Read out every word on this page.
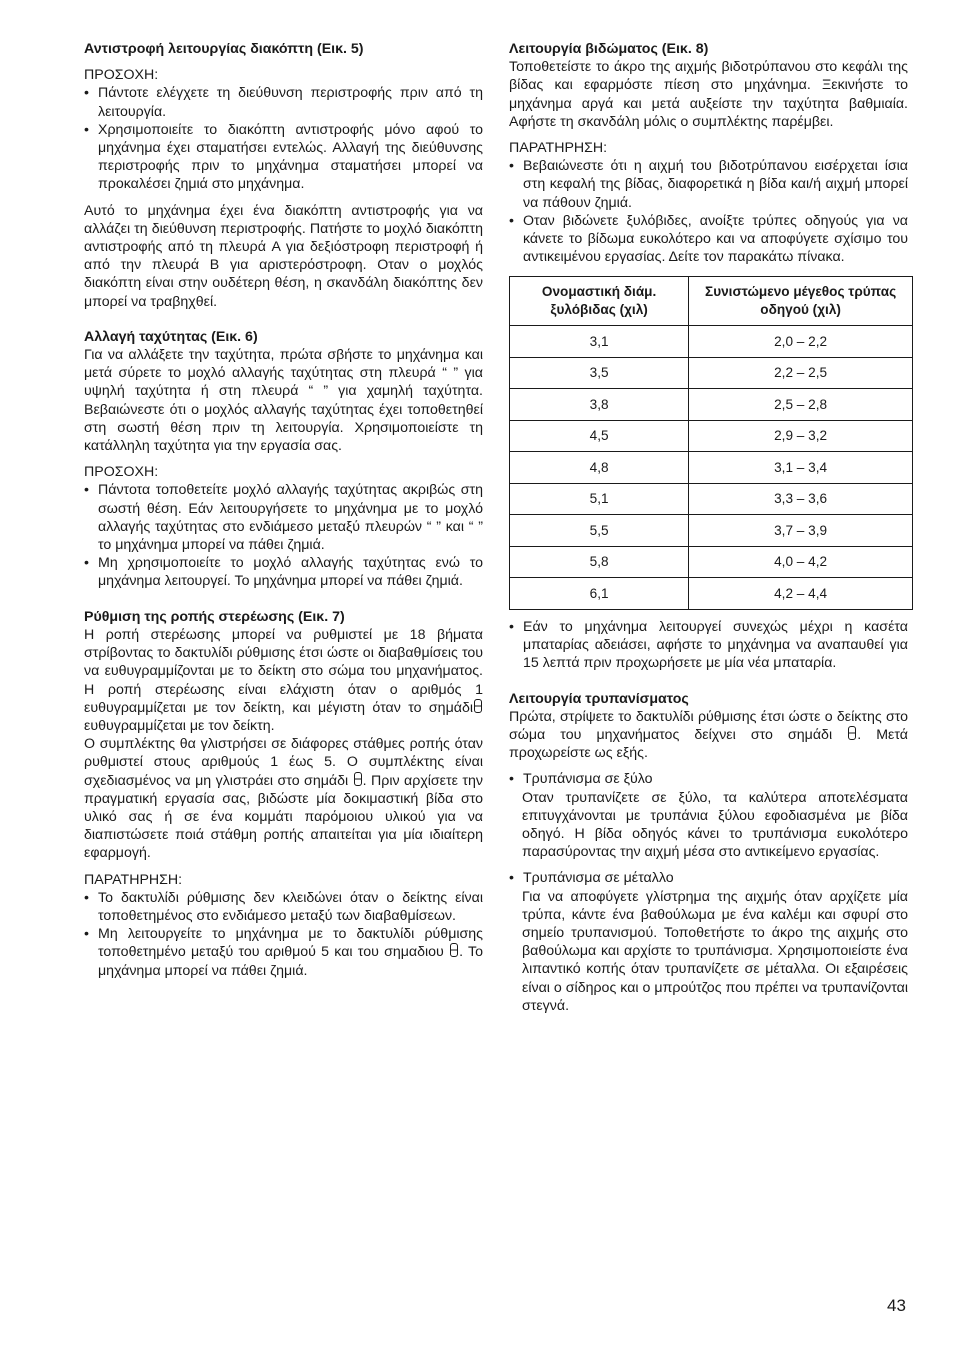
Αντιστροφή λειτουργίας διακόπτη (Εικ. 5)
ΠΡΟΣΟΧΗ:
• Πάντοτε ελέγχετε τη διεύθυνση περιστροφής πριν από τη λειτουργία.
• Χρησιμοποιείτε το διακόπτη αντιστροφής μόνο αφού το μηχάνημα έχει σταματήσει εντελώς. Αλλαγή της διεύθυνσης περιστροφής πριν το μηχάνημα σταματήσει μπορεί να προκαλέσει ζημιά στο μηχάνημα.

Αυτό το μηχάνημα έχει ένα διακόπτη αντιστροφής για να αλλάζει τη διεύθυνση περιστροφής. Πατήστε το μοχλό διακόπτη αντιστροφής από τη πλευρά A για δεξιόστροφη περιστροφή ή από την πλευρά B για αριστερόστροφη. Οταν ο μοχλός διακόπτη είναι στην ουδέτερη θέση, η σκανδάλη διακόπτης δεν μπορεί να τραβηχθεί.

Αλλαγή ταχύτητας (Εικ. 6)

Για να αλλάξετε την ταχύτητα, πρώτα σβήστε το μηχάνημα και μετά σύρετε το μοχλό αλλαγής ταχύτητας στη πλευρά “ ” για υψηλή ταχύτητα ή στη πλευρά “ ” για χαμηλή ταχύτητα. Βεβαιώνεστε ότι ο μοχλός αλλαγής ταχύτητας έχει τοποθετηθεί στη σωστή θέση πριν τη λειτουργία. Χρησιμοποιείστε τη κατάλληλη ταχύτητα για την εργασία σας.

ΠΡΟΣΟΧΗ:
• Πάντοτα τοποθετείτε μοχλό αλλαγής ταχύτητας ακριβώς στη σωστή θέση. Εάν λειτουργήσετε το μηχάνημα με το μοχλό αλλαγής ταχύτητας στο ενδιάμεσο μεταξύ πλευρών “ ” και “ ” το μηχάνημα μπορεί να πάθει ζημιά.
• Μη χρησιμοποιείτε το μοχλό αλλαγής ταχύτητας ενώ το μηχάνημα λειτουργεί. Το μηχάνημα μπορεί να πάθει ζημιά.
Ρύθμιση της ροπής στερέωσης (Εικ. 7)

Η ροπή στερέωσης μπορεί να ρυθμιστεί με 18 βήματα στρίβοντας το δακτυλίδι ρύθμισης έτσι ώστε οι διαβαθμίσεις του να ευθυγραμμίζονται με το δείκτη στο σώμα του μηχανήματος. Η ροπή στερέωσης είναι ελάχιστη όταν ο αριθμός 1 ευθυγραμμίζεται με τον δείκτη, και μέγιστη όταν το σημάδιευθυγραμμίζεται με τον δείκτη.

Ο συμπλέκτης θα γλιστρήσει σε διάφορες στάθμες ροπής όταν ρυθμιστεί στους αριθμούς 1 έως 5. Ο συμπλέκτης είναι σχεδιασμένος να μη γλιστράει στο σημάδι . Πριν αρχίσετε την πραγματική εργασία σας, βιδώστε μία δοκιμαστική βίδα στο υλικό σας ή σε ένα κομμάτι παρόμοιου υλικού για να διαπιστώσετε ποιά στάθμη ροπής απαιτείται για μία ιδιαίτερη εφαρμογή.

ΠΑΡΑΤΗΡΗΣΗ:
• Το δακτυλίδι ρύθμισης δεν κλειδώνει όταν ο δείκτης είναι τοποθετημένος στο ενδιάμεσο μεταξύ των διαβαθμίσεων.
• Μη λειτουργείτε το μηχάνημα με το δακτυλίδι ρύθμισης τοποθετημένο μεταξύ του αριθμού 5 και του σημαδιου . Το μηχάνημα μπορεί να πάθει ζημιά.
Λειτουργία βιδώματος (Εικ. 8)

Τοποθετείστε το άκρο της αιχμής βιδοτρύπανου στο κεφάλι της βίδας και εφαρμόστε πίεση στο μηχάνημα. Ξεκινήστε το μηχάνημα αργά και μετά αυξείστε την ταχύτητα βαθμιαία. Αφήστε τη σκανδάλη μόλις ο συμπλέκτης παρέμβει.

ΠΑΡΑΤΗΡΗΣΗ:
• Βεβαιώνεστε ότι η αιχμή του βιδοτρύπανου εισέρχεται ίσια στη κεφαλή της βίδας, διαφορετικά η βίδα και/ή αιχμή μπορεί να πάθουν ζημιά.
• Οταν βιδώνετε ξυλόβιδες, ανοίξτε τρύπες οδηγούς για να κάνετε το βίδωμα ευκολότερο και να αποφύγετε σχίσιμο του αντικειμένου εργασίας. Δείτε τον παρακάτω πίνακα.
Ονομαστική διάμ. ξυλόβιδας (χιλ)	Συνιστώμενο μέγεθος τρύπας οδηγού (χιλ)
3,1	2,0 – 2,2
3,5	2,2 – 2,5
3,8	2,5 – 2,8
4,5	2,9 – 3,2
4,8	3,1 – 3,4
5,1	3,3 – 3,6
5,5	3,7 – 3,9
5,8	4,0 – 4,2
6,1	4,2 – 4,4
• Εάν το μηχάνημα λειτουργεί συνεχώς μέχρι η κασέτα μπαταρίας αδειάσει, αφήστε το μηχάνημα να αναπαυθεί για 15 λεπτά πριν προχωρήσετε με μία νέα μπαταρία.
Λειτουργία τρυπανίσματος

Πρώτα, στρίψετε το δακτυλίδι ρύθμισης έτσι ώστε ο δείκτης στο σώμα του μηχανήματος δείχνει στο σημάδι . Μετά προχωρείστε ως εξής.

• Τρυπάνισμα σε ξύλο
Οταν τρυπανίζετε σε ξύλο, τα καλύτερα αποτελέσματα επιτυγχάνονται με τρυπάνια ξύλου εφοδιασμένα με βίδα οδηγό. Η βίδα οδηγός κάνει το τρυπάνισμα ευκολότερο παρασύροντας την αιχμή μέσα στο αντικείμενο εργασίας.
• Τρυπάνισμα σε μέταλλο
Για να αποφύγετε γλίστρημα της αιχμής όταν αρχίζετε μία τρύπα, κάντε ένα βαθούλωμα με ένα καλέμι και σφυρί στο σημείο τρυπανισμού. Τοποθετήστε το άκρο της αιχμής στο βαθούλωμα και αρχίστε το τρυπάνισμα. Χρησιμοποιείστε ένα λιπαντικό κοπής όταν τρυπανίζετε σε μέταλλα. Οι εξαιρέσεις είναι ο σίδηρος και ο μπρούτζος που πρέπει να τρυπανίζονται στεγνά.
43
